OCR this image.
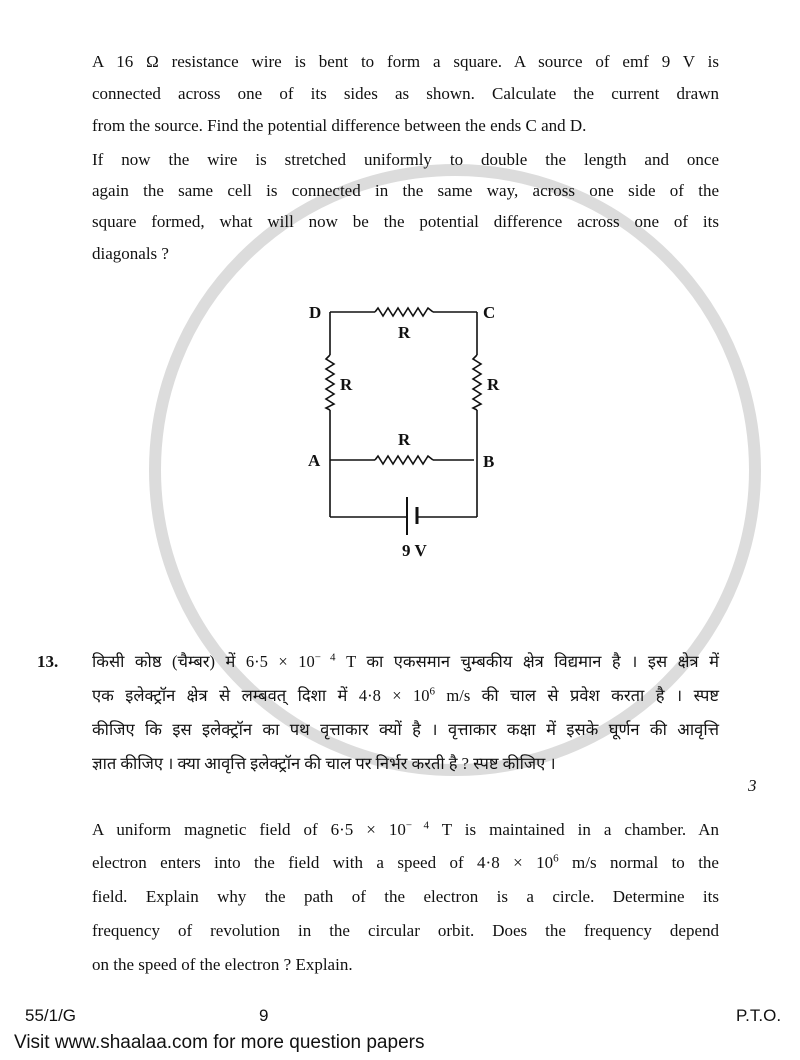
A 16 Ω resistance wire is bent to form a square. A source of emf 9 V is
connected across one of its sides as shown. Calculate the current drawn
from the source. Find the potential difference between the ends C and D.
If now the wire is stretched uniformly to double the length and once
again the same cell is connected in the same way, across one side of the
square formed, what will now be the potential difference across one of its
diagonals ?
D	C
A	B
R
R	R
R
9 V
13. किसी कोष्ठ (चैम्बर) में $6\cdot 5 \times 10^{- 4}$ T का एकसमान चुम्बकीय क्षेत्र विद्यमान है । इस क्षेत्र में
एक इलेक्ट्रॉन क्षेत्र से लम्बवत् दिशा में $4\cdot 8 \times 10^6$ m/s की चाल से प्रवेश करता है । स्पष्ट
कीजिए कि इस इलेक्ट्रॉन का पथ वृत्ताकार क्यों है । वृत्ताकार कक्षा में इसके घूर्णन की आवृत्ति
ज्ञात कीजिए । क्या आवृत्ति इलेक्ट्रॉन की चाल पर निर्भर करती है ? स्पष्ट कीजिए ।
3
A uniform magnetic field of $6\cdot 5 \times 10^{- 4}$ T is maintained in a chamber. An
electron enters into the field with a speed of $4\cdot 8 \times 10^6$ m/s normal to the
field. Explain why the path of the electron is a circle. Determine its
frequency of revolution in the circular orbit. Does the frequency depend
on the speed of the electron ? Explain.
55/1/G	9	P.T.O.
Visit www.shaalaa.com for more question papers
